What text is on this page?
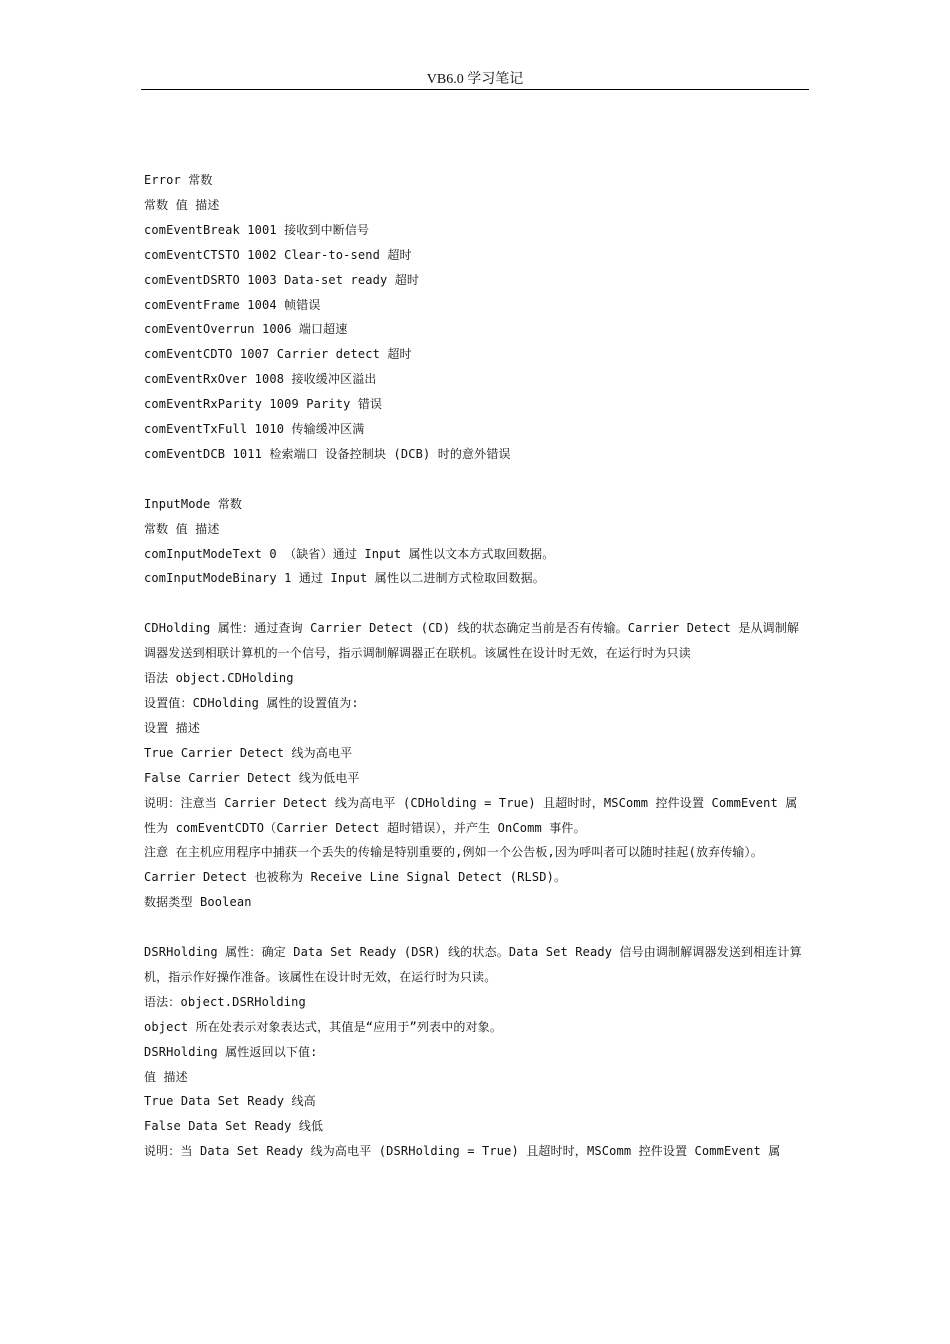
VB6.0 学习笔记
Error 常数
常数 值 描述
comEventBreak 1001 接收到中断信号
comEventCTSTO 1002 Clear-to-send 超时
comEventDSRTO 1003 Data-set ready 超时
comEventFrame 1004 帧错误
comEventOverrun 1006 端口超速
comEventCDTO 1007 Carrier detect 超时
comEventRxOver 1008 接收缓冲区溢出
comEventRxParity 1009 Parity 错误
comEventTxFull 1010 传输缓冲区满
comEventDCB 1011 检索端口 设备控制块 (DCB) 时的意外错误
InputMode 常数
常数 值 描述
comInputModeText 0 （缺省）通过 Input 属性以文本方式取回数据。
comInputModeBinary 1 通过 Input 属性以二进制方式检取回数据。
CDHolding 属性：通过查询 Carrier Detect (CD) 线的状态确定当前是否有传输。Carrier Detect 是从调制解调器发送到相联计算机的一个信号，指示调制解调器正在联机。该属性在设计时无效，在运行时为只读
语法 object.CDHolding
设置值：CDHolding 属性的设置值为:
设置 描述
True Carrier Detect 线为高电平
False Carrier Detect 线为低电平
说明：注意当 Carrier Detect 线为高电平 (CDHolding = True) 且超时时，MSComm 控件设置 CommEvent 属性为 comEventCDTO（Carrier Detect 超时错误），并产生 OnComm 事件。
注意 在主机应用程序中捕获一个丢失的传输是特别重要的,例如一个公告板,因为呼叫者可以随时挂起(放弃传输）。
Carrier Detect 也被称为 Receive Line Signal Detect (RLSD)。
数据类型 Boolean
DSRHolding 属性：确定 Data Set Ready (DSR) 线的状态。Data Set Ready 信号由调制解调器发送到相连计算机，指示作好操作准备。该属性在设计时无效，在运行时为只读。
语法：object.DSRHolding
object 所在处表示对象表达式，其值是“应用于”列表中的对象。
DSRHolding 属性返回以下值:
值 描述
True Data Set Ready 线高
False Data Set Ready 线低
说明：当 Data Set Ready 线为高电平 (DSRHolding = True) 且超时时，MSComm 控件设置 CommEvent 属
